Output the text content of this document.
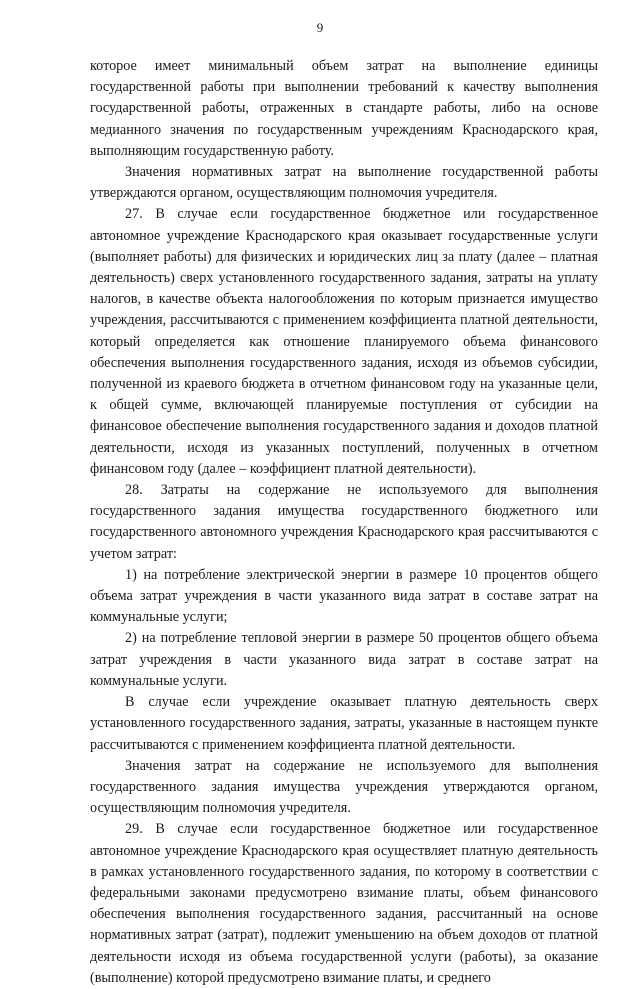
9

которое имеет минимальный объем затрат на выполнение единицы государственной работы при выполнении требований к качеству выполнения государственной работы, отраженных в стандарте работы, либо на основе медианного значения по государственным учреждениям Краснодарского края, выполняющим государственную работу.

Значения нормативных затрат на выполнение государственной работы утверждаются органом, осуществляющим полномочия учредителя.

27. В случае если государственное бюджетное или государственное автономное учреждение Краснодарского края оказывает государственные услуги (выполняет работы) для физических и юридических лиц за плату (далее – платная деятельность) сверх установленного государственного задания, затраты на уплату налогов, в качестве объекта налогообложения по которым признается имущество учреждения, рассчитываются с применением коэффициента платной деятельности, который определяется как отношение планируемого объема финансового обеспечения выполнения государственного задания, исходя из объемов субсидии, полученной из краевого бюджета в отчетном финансовом году на указанные цели, к общей сумме, включающей планируемые поступления от субсидии на финансовое обеспечение выполнения государственного задания и доходов платной деятельности, исходя из указанных поступлений, полученных в отчетном финансовом году (далее – коэффициент платной деятельности).

28. Затраты на содержание не используемого для выполнения государственного задания имущества государственного бюджетного или государственного автономного учреждения Краснодарского края рассчитываются с учетом затрат:

1) на потребление электрической энергии в размере 10 процентов общего объема затрат учреждения в части указанного вида затрат в составе затрат на коммунальные услуги;

2) на потребление тепловой энергии в размере 50 процентов общего объема затрат учреждения в части указанного вида затрат в составе затрат на коммунальные услуги.

В случае если учреждение оказывает платную деятельность сверх установленного государственного задания, затраты, указанные в настоящем пункте рассчитываются с применением коэффициента платной деятельности.

Значения затрат на содержание не используемого для выполнения государственного задания имущества учреждения утверждаются органом, осуществляющим полномочия учредителя.

29. В случае если государственное бюджетное или государственное автономное учреждение Краснодарского края осуществляет платную деятельность в рамках установленного государственного задания, по которому в соответствии с федеральными законами предусмотрено взимание платы, объем финансового обеспечения выполнения государственного задания, рассчитанный на основе нормативных затрат (затрат), подлежит уменьшению на объем доходов от платной деятельности исходя из объема государственной услуги (работы), за оказание (выполнение) которой предусмотрено взимание платы, и среднего
